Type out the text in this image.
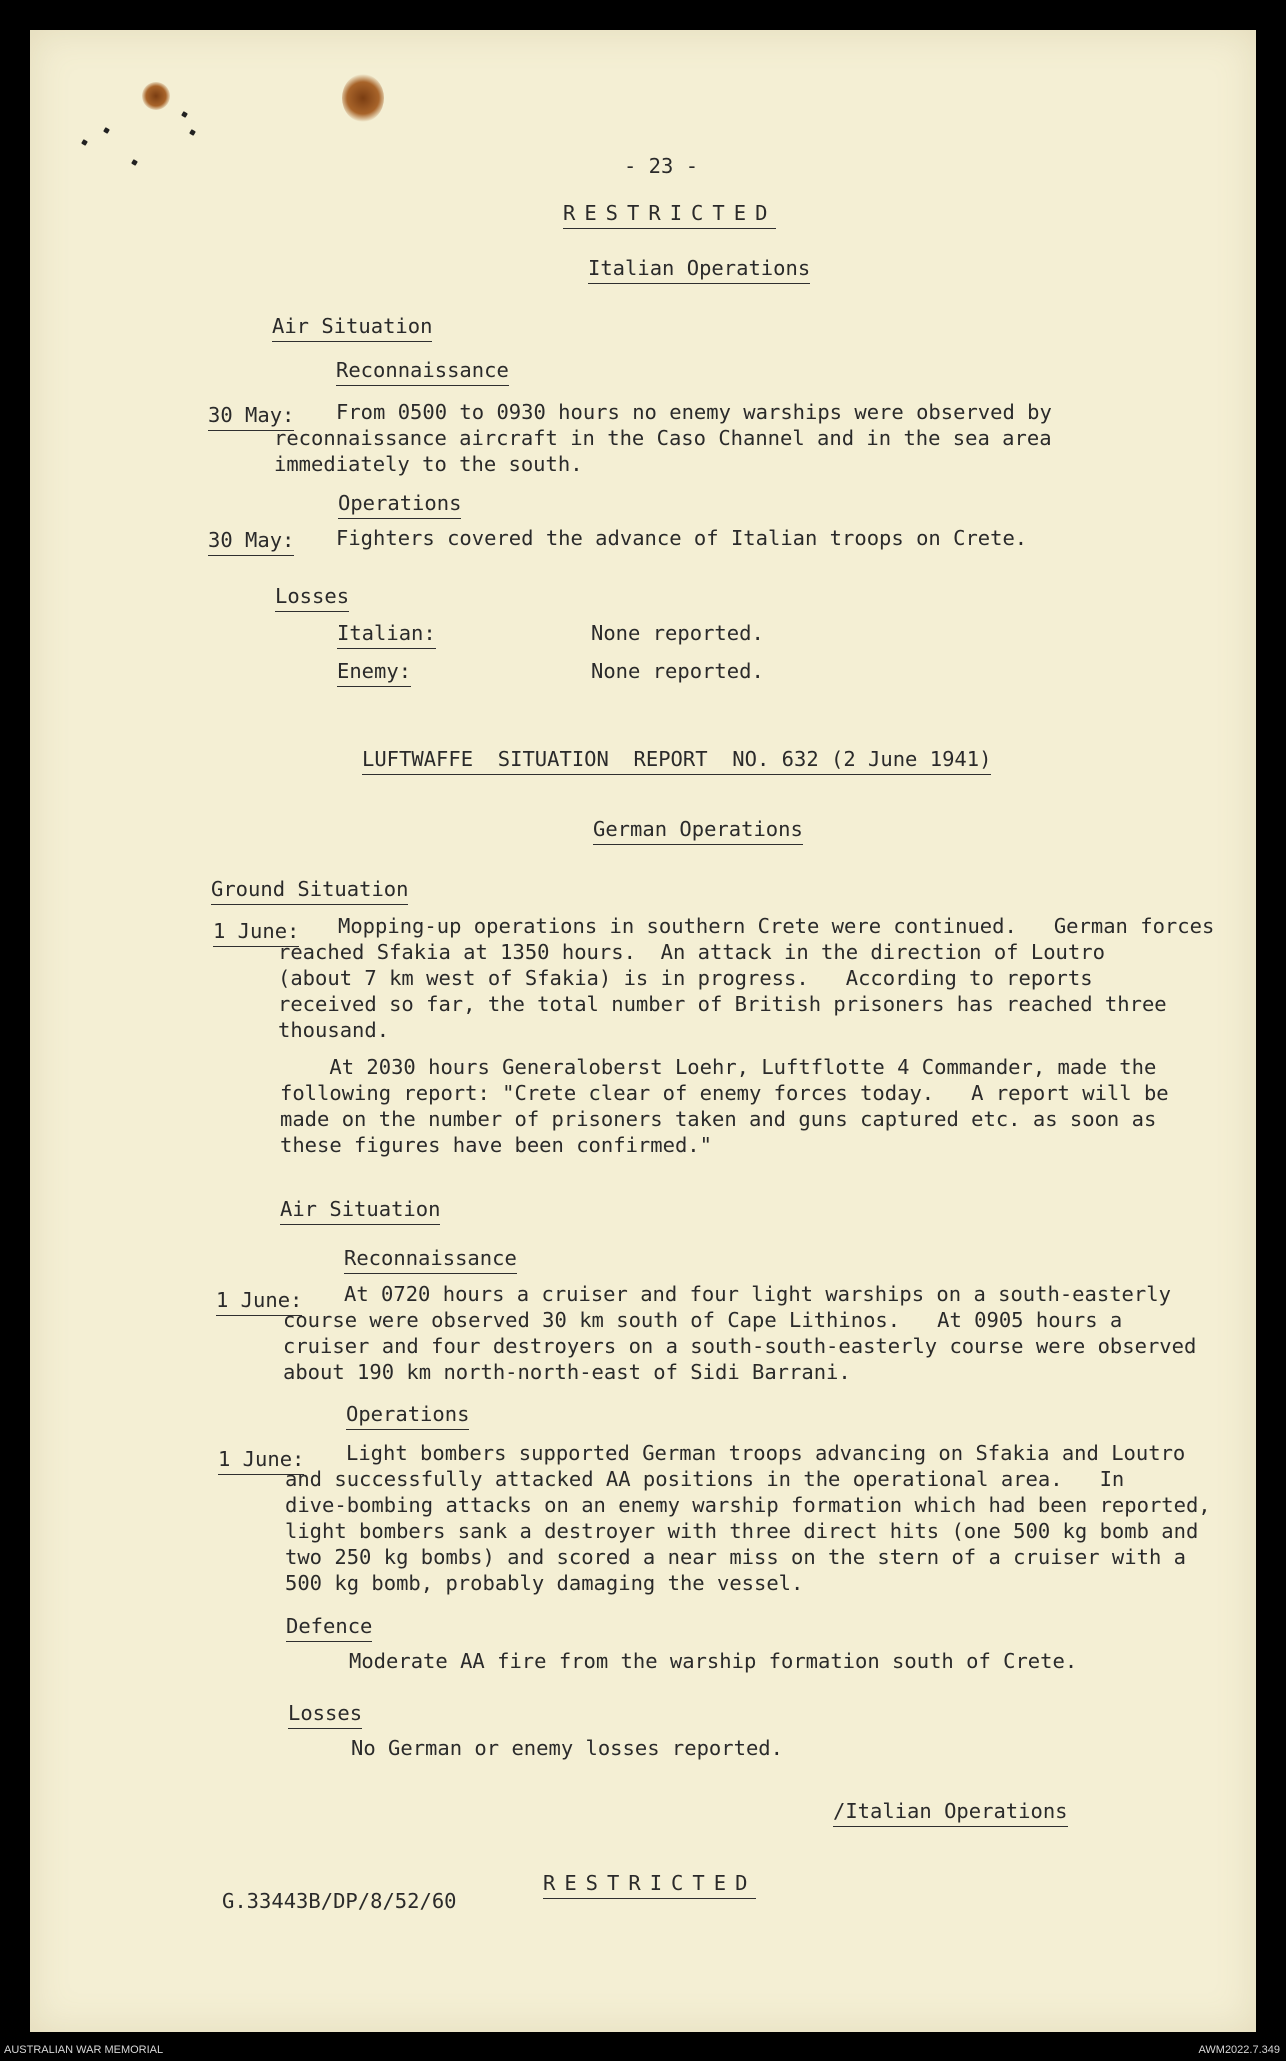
- 23 -

RESTRICTED

Italian Operations

Air Situation

Reconnaissance

30 May: From 0500 to 0930 hours no enemy warships were observed by

reconnaissance aircraft in the Caso Channel and in the sea area

immediately to the south.

Operations

30 May: Fighters covered the advance of Italian troops on Crete.

Losses

Italian:	None reported.

Enemy:	None reported.

LUFTWAFFE  SITUATION  REPORT  NO. 632 (2 June 1941)

German Operations

Ground Situation

1 June: Mopping-up operations in southern Crete were continued.   German forces

reached Sfakia at 1350 hours.  An attack in the direction of Loutro

(about 7 km west of Sfakia) is in progress.   According to reports

received so far, the total number of British prisoners has reached three

thousand.

At 2030 hours Generaloberst Loehr, Luftflotte 4 Commander, made the

following report: "Crete clear of enemy forces today.   A report will be

made on the number of prisoners taken and guns captured etc. as soon as

these figures have been confirmed."

Air Situation

Reconnaissance

1 June: At 0720 hours a cruiser and four light warships on a south-easterly

course were observed 30 km south of Cape Lithinos.   At 0905 hours a

cruiser and four destroyers on a south-south-easterly course were observed

about 190 km north-north-east of Sidi Barrani.

Operations

1 June: Light bombers supported German troops advancing on Sfakia and Loutro

and successfully attacked AA positions in the operational area.   In

dive-bombing attacks on an enemy warship formation which had been reported,

light bombers sank a destroyer with three direct hits (one 500 kg bomb and

two 250 kg bombs) and scored a near miss on the stern of a cruiser with a

500 kg bomb, probably damaging the vessel.

Defence

Moderate AA fire from the warship formation south of Crete.

Losses

No German or enemy losses reported.

/Italian Operations

G.33443B/DP/8/52/60

RESTRICTED

AUSTRALIAN WAR MEMORIAL	AWM2022.7.349
